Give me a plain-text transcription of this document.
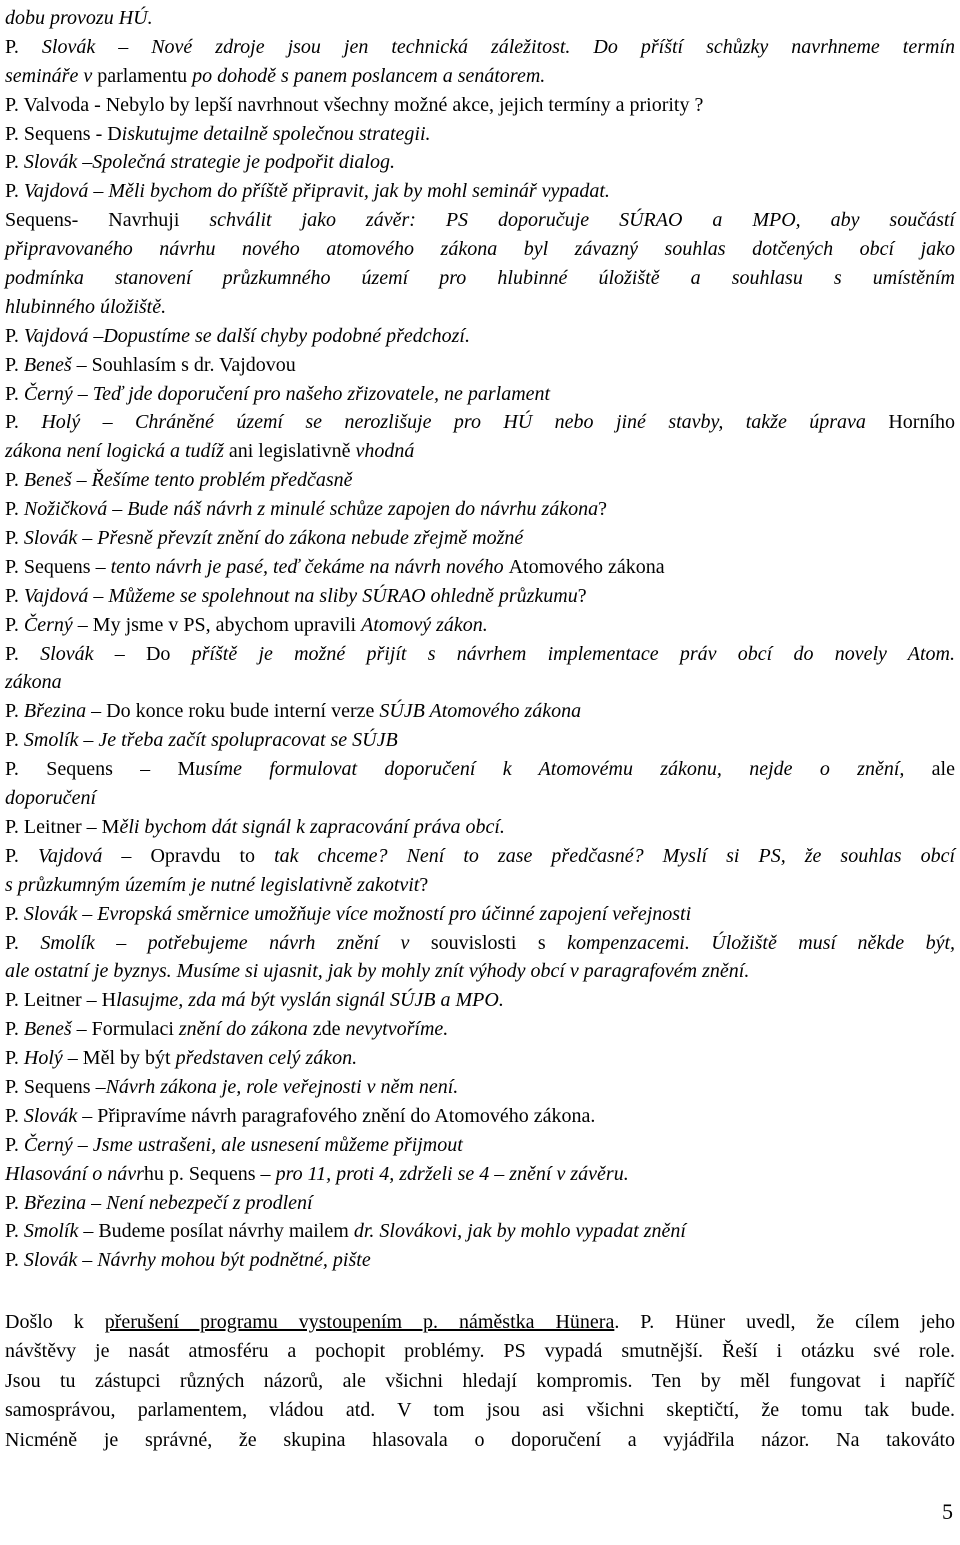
dobu provozu HÚ.
P. Slovák – Nové zdroje jsou jen technická záležitost. Do příští schůzky navrhneme termín
semináře v parlamentu po dohodě s panem poslancem a senátorem.
P. Valvoda - Nebylo by lepší navrhnout všechny možné akce, jejich termíny a priority ?
P. Sequens - Diskutujme detailně společnou strategii.
P. Slovák –Společná strategie je podpořit dialog.
P. Vajdová – Měli bychom do příště připravit, jak by mohl seminář vypadat.
Sequens- Navrhuji schválit jako závěr: PS doporučuje SÚRAO a MPO, aby součástí
připravovaného návrhu nového atomového zákona byl závazný souhlas dotčených obcí jako
podmínka stanovení průzkumného území pro hlubinné úložiště a souhlasu s umístěním
hlubinného úložiště.
P. Vajdová –Dopustíme se další chyby podobné předchozí.
P. Beneš – Souhlasím s dr. Vajdovou
P. Černý – Teď jde doporučení pro našeho zřizovatele, ne parlament
P. Holý – Chráněné území se nerozlišuje pro HÚ nebo jiné stavby, takže úprava Horního
zákona není logická a tudíž ani legislativně vhodná
P. Beneš – Řešíme tento problém předčasně
P. Nožičková – Bude náš návrh z minulé schůze zapojen do návrhu zákona?
P. Slovák – Přesně převzít znění do zákona nebude zřejmě možné
P. Sequens – tento návrh je pasé, teď čekáme na návrh nového Atomového zákona
P. Vajdová – Můžeme se spolehnout na sliby SÚRAO ohledně průzkumu?
P. Černý – My jsme v PS, abychom upravili Atomový zákon.
P. Slovák – Do příště je možné přijít s návrhem implementace práv obcí do novely Atom.
zákona
P. Březina – Do konce roku bude interní verze SÚJB Atomového zákona
P. Smolík – Je třeba začít spolupracovat se SÚJB
P. Sequens – Musíme formulovat doporučení k Atomovému zákonu, nejde o znění, ale
doporučení
P. Leitner – Měli bychom dát signál k zapracování práva obcí.
P. Vajdová – Opravdu to tak chceme? Není to zase předčasné? Myslí si PS, že souhlas obcí
s průzkumným územím je nutné legislativně zakotvit?
P. Slovák – Evropská směrnice umožňuje více možností pro účinné zapojení veřejnosti
P. Smolík – potřebujeme návrh znění v souvislosti s kompenzacemi. Úložiště musí někde být,
ale ostatní je byznys. Musíme si ujasnit, jak by mohly znít výhody obcí v paragrafovém znění.
P. Leitner – Hlasujme, zda má být vyslán signál SÚJB a MPO.
P. Beneš – Formulaci znění do zákona zde nevytvoříme.
P. Holý – Měl by být představen celý zákon.
P. Sequens –Návrh zákona je, role veřejnosti v něm není.
P. Slovák – Připravíme návrh paragrafového znění do Atomového zákona.
P. Černý – Jsme ustrašeni, ale usnesení můžeme přijmout
Hlasování o návrhu p. Sequens – pro 11, proti 4, zdrželi se 4 – znění v závěru.
P. Březina – Není nebezpečí z prodlení
P. Smolík – Budeme posílat návrhy mailem dr. Slovákovi, jak by mohlo vypadat znění
P. Slovák – Návrhy mohou být podnětné, pište
Došlo k přerušení programu vystoupením p. náměstka Hünera. P. Hüner uvedl, že cílem jeho
návštěvy je nasát atmosféru a pochopit problémy. PS vypadá smutnější. Řeší i otázku své role.
Jsou tu zástupci různých názorů, ale všichni hledají kompromis. Ten by měl fungovat i napříč
samosprávou, parlamentem, vládou atd. V tom jsou asi všichni skeptičtí, že tomu tak bude.
Nicméně je správné, že skupina hlasovala o doporučení a vyjádřila názor. Na takováto
5
